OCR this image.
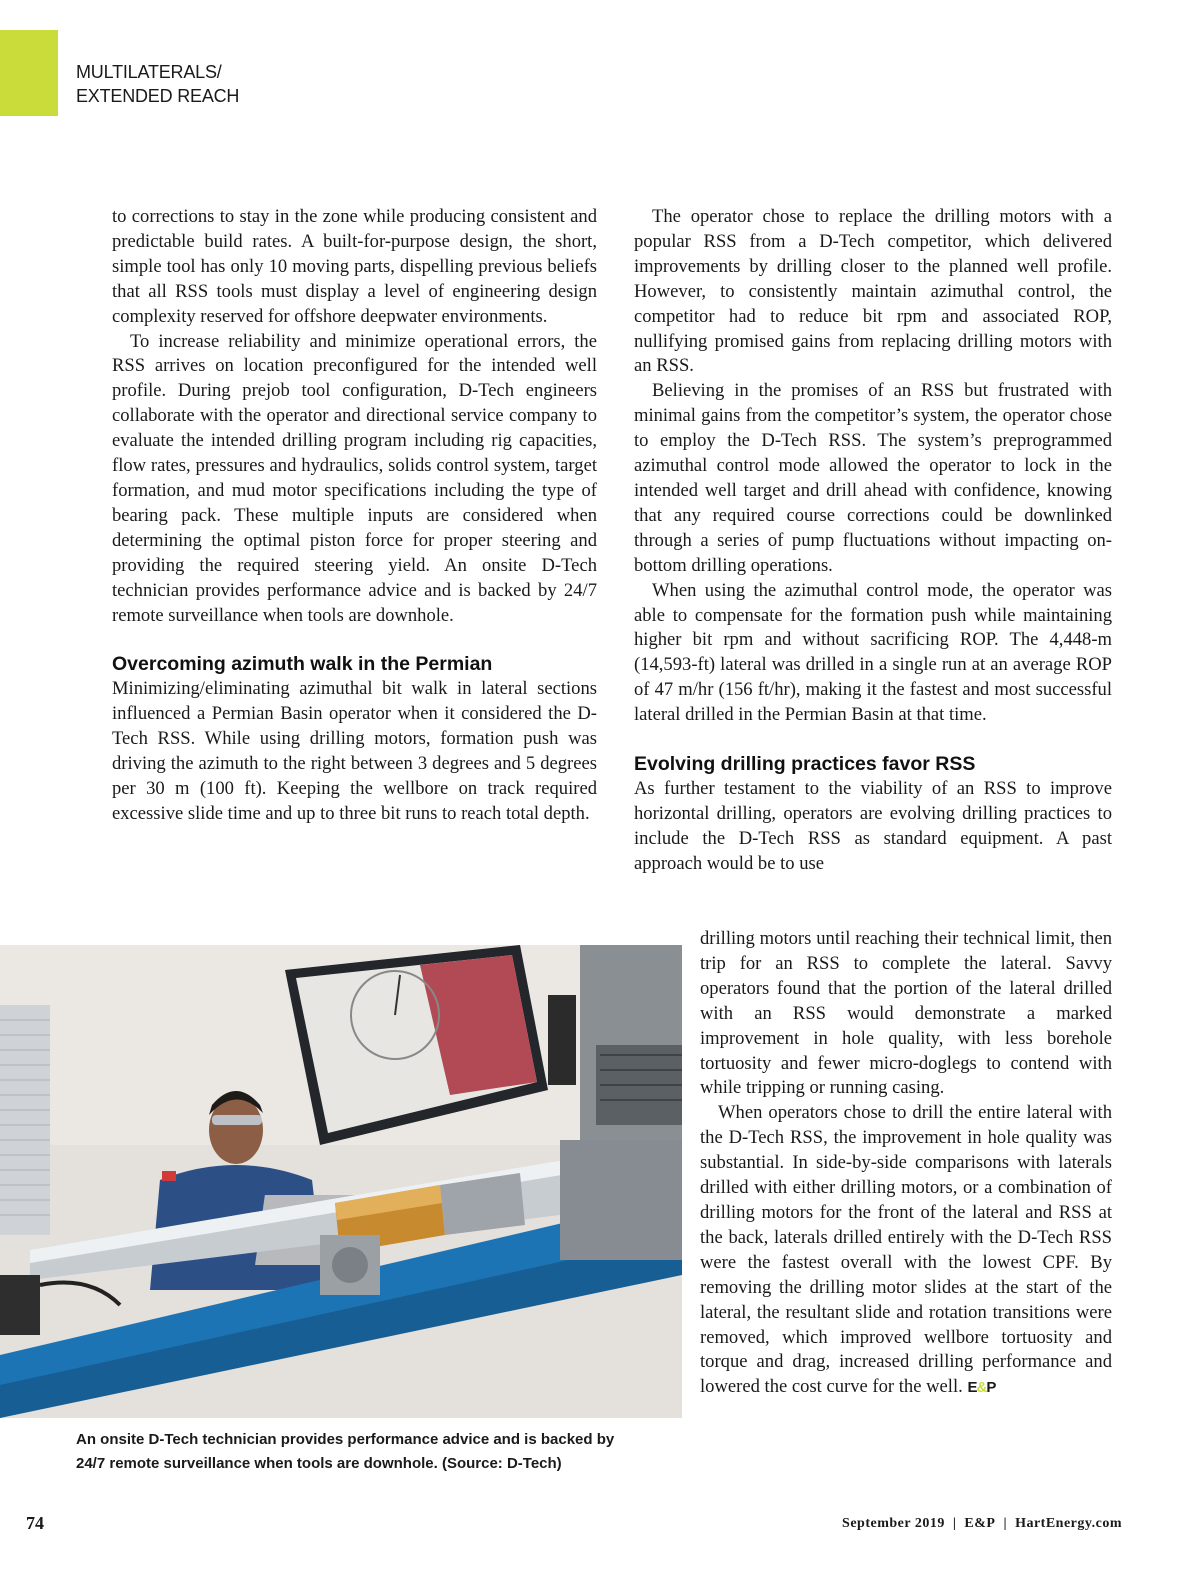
MULTILATERALS/
EXTENDED REACH

to corrections to stay in the zone while producing consistent and predictable build rates. A built-for-purpose design, the short, simple tool has only 10 moving parts, dispelling previous beliefs that all RSS tools must display a level of engineering design complexity reserved for offshore deepwater environments.

To increase reliability and minimize operational errors, the RSS arrives on location preconfigured for the intended well profile. During prejob tool configuration, D-Tech engineers collaborate with the operator and directional service company to evaluate the intended drilling program including rig capacities, flow rates, pressures and hydraulics, solids control system, target formation, and mud motor specifications including the type of bearing pack. These multiple inputs are considered when determining the optimal piston force for proper steering and providing the required steering yield. An onsite D-Tech technician provides performance advice and is backed by 24/7 remote surveillance when tools are downhole.

Overcoming azimuth walk in the Permian

Minimizing/eliminating azimuthal bit walk in lateral sections influenced a Permian Basin operator when it considered the D-Tech RSS. While using drilling motors, formation push was driving the azimuth to the right between 3 degrees and 5 degrees per 30 m (100 ft). Keeping the wellbore on track required excessive slide time and up to three bit runs to reach total depth.

The operator chose to replace the drilling motors with a popular RSS from a D-Tech competitor, which delivered improvements by drilling closer to the planned well profile. However, to consistently maintain azimuthal control, the competitor had to reduce bit rpm and associated ROP, nullifying promised gains from replacing drilling motors with an RSS.

Believing in the promises of an RSS but frustrated with minimal gains from the competitor’s system, the operator chose to employ the D-Tech RSS. The system’s preprogrammed azimuthal control mode allowed the operator to lock in the intended well target and drill ahead with confidence, knowing that any required course corrections could be downlinked through a series of pump fluctuations without impacting on-bottom drilling operations.

When using the azimuthal control mode, the operator was able to compensate for the formation push while maintaining higher bit rpm and without sacrificing ROP. The 4,448-m (14,593-ft) lateral was drilled in a single run at an average ROP of 47 m/hr (156 ft/hr), making it the fastest and most successful lateral drilled in the Permian Basin at that time.

Evolving drilling practices favor RSS

As further testament to the viability of an RSS to improve horizontal drilling, operators are evolving drilling practices to include the D-Tech RSS as standard equipment. A past approach would be to use

drilling motors until reaching their technical limit, then trip for an RSS to complete the lateral. Savvy operators found that the portion of the lateral drilled with an RSS would demonstrate a marked improvement in hole quality, with less borehole tortuosity and fewer micro-doglegs to contend with while tripping or running casing.

When operators chose to drill the entire lateral with the D-Tech RSS, the improvement in hole quality was substantial. In side-by-side comparisons with laterals drilled with either drilling motors, or a combination of drilling motors for the front of the lateral and RSS at the back, laterals drilled entirely with the D-Tech RSS were the fastest overall with the lowest CPF. By removing the drilling motor slides at the start of the lateral, the resultant slide and rotation transitions were removed, which improved wellbore tortuosity and torque and drag, increased drilling performance and lowered the cost curve for the well. E&P

An onsite D-Tech technician provides performance advice and is backed by
24/7 remote surveillance when tools are downhole. (Source: D-Tech)
74	September 2019 | E&P | HartEnergy.com
